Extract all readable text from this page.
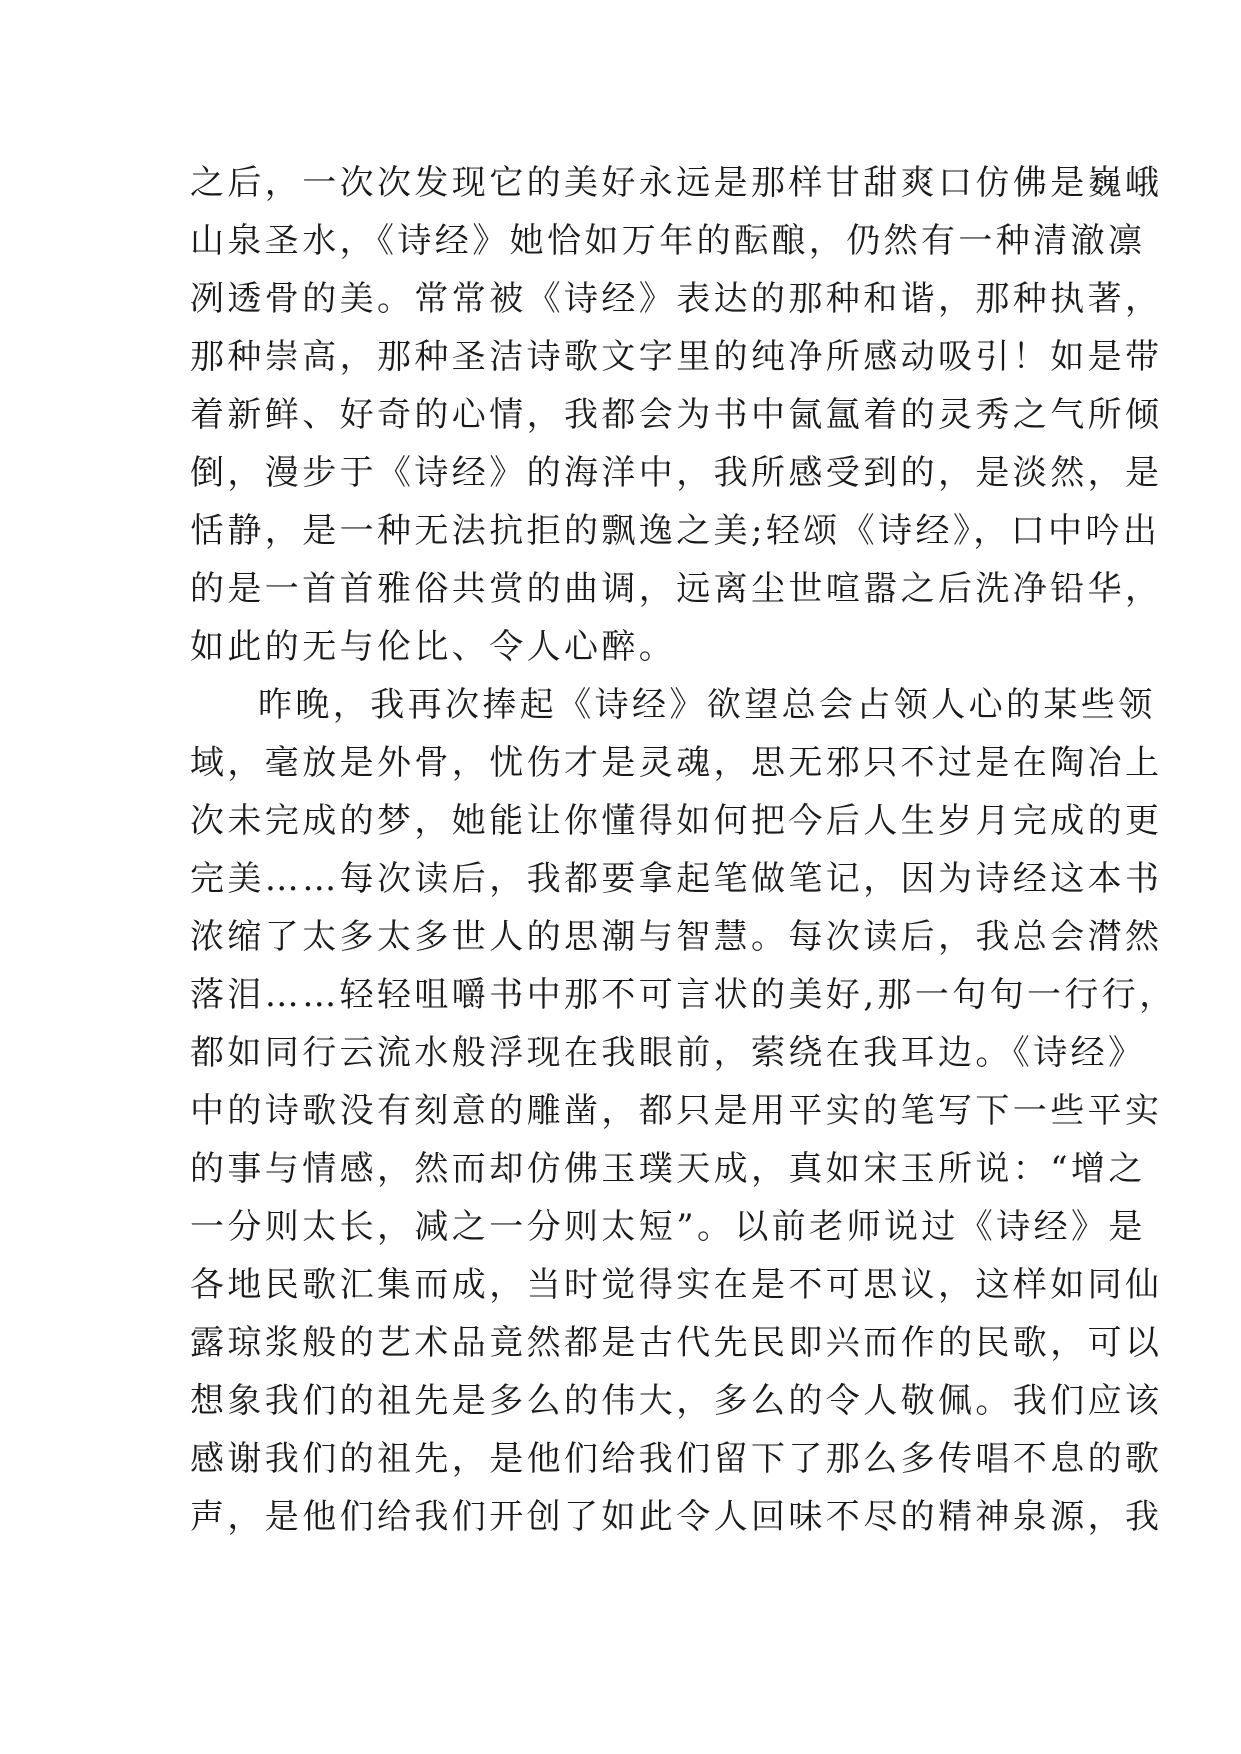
之后，一次次发现它的美好永远是那样甘甜爽口仿佛是巍峨
山泉圣水，《诗经》她恰如万年的酝酿，仍然有一种清澈凛
冽透骨的美。常常被《诗经》表达的那种和谐，那种执著，
那种崇高，那种圣洁诗歌文字里的纯净所感动吸引！如是带
着新鲜、好奇的心情，我都会为书中氤氲着的灵秀之气所倾
倒，漫步于《诗经》的海洋中，我所感受到的，是淡然，是
恬静，是一种无法抗拒的飘逸之美;轻颂《诗经》，口中吟出
的是一首首雅俗共赏的曲调，远离尘世喧嚣之后洗净铅华，
如此的无与伦比、令人心醉。
昨晚，我再次捧起《诗经》欲望总会占领人心的某些领
域，毫放是外骨，忧伤才是灵魂，思无邪只不过是在陶冶上
次未完成的梦，她能让你懂得如何把今后人生岁月完成的更
完美……每次读后，我都要拿起笔做笔记，因为诗经这本书
浓缩了太多太多世人的思潮与智慧。每次读后，我总会潸然
落泪……轻轻咀嚼书中那不可言状的美好,那一句句一行行，
都如同行云流水般浮现在我眼前，萦绕在我耳边。《诗经》
中的诗歌没有刻意的雕凿，都只是用平实的笔写下一些平实
的事与情感，然而却仿佛玉璞天成，真如宋玉所说：“增之
一分则太长，减之一分则太短”。以前老师说过《诗经》是
各地民歌汇集而成，当时觉得实在是不可思议，这样如同仙
露琼浆般的艺术品竟然都是古代先民即兴而作的民歌，可以
想象我们的祖先是多么的伟大，多么的令人敬佩。我们应该
感谢我们的祖先，是他们给我们留下了那么多传唱不息的歌
声，是他们给我们开创了如此令人回味不尽的精神泉源，我
